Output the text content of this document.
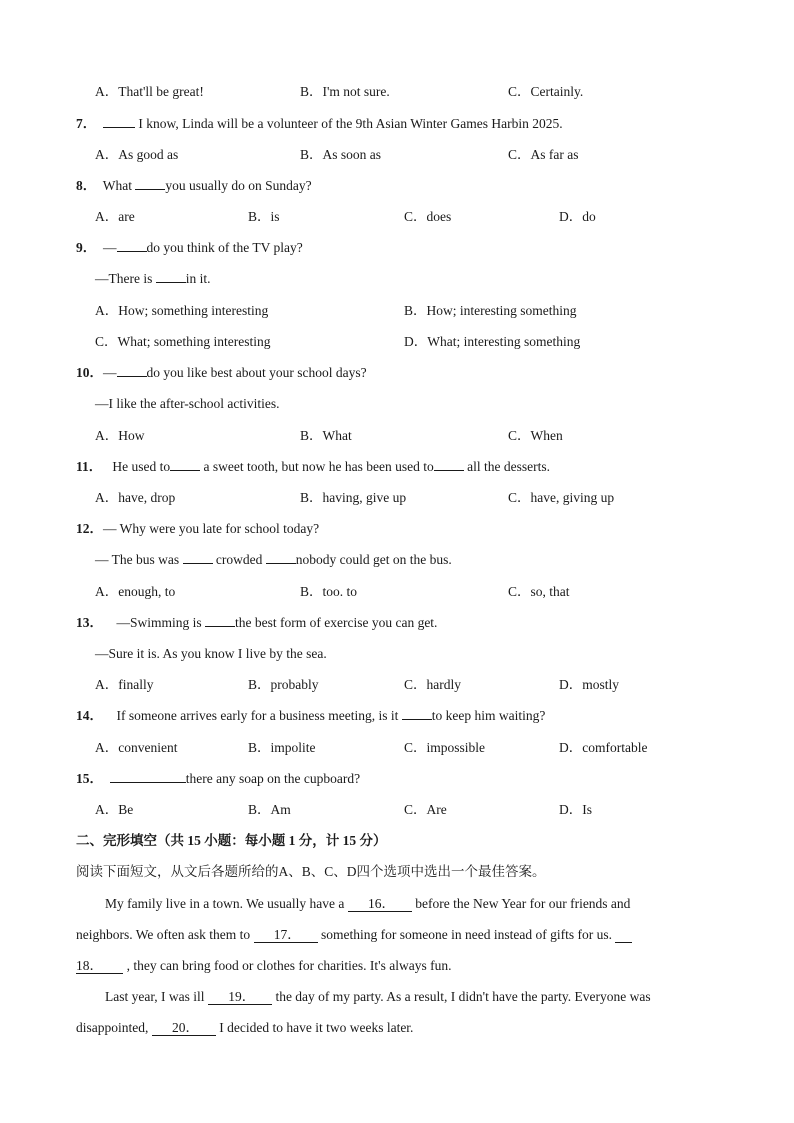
A．That'll be great!	B．I'm not sure.	C．Certainly.
7．	I know, Linda will be a volunteer of the 9th Asian Winter Games Harbin 2025.
A．As good as	B．As soon as	C．As far as
8． What you usually do on Sunday?
A．are	B．is	C．does	D．do
9． — do you think of the TV play?
—There is in it.
A．How; something interesting	B．How; interesting something
C．What; something interesting	D．What; interesting something
10．— do you like best about your school days?
—I like the after-school activities.
A．How	B．What	C．When
11． He used to a sweet tooth, but now he has been used to all the desserts.
A．have, drop	B．having, give up	C．have, giving up
12．— Why were you late for school today?
— The bus was  crowded nobody could get on the bus.
A．enough, to	B．too. to	C．so, that
13． —Swimming is the best form of exercise you can get.
—Sure it is. As you know I live by the sea.
A．finally	B．probably	C．hardly	D．mostly
14． If someone arrives early for a business meeting, is it to keep him waiting?
A．convenient	B．impolite	C．impossible	D．comfortable
15．	there any soap on the cupboard?
A．Be	B．Am	C．Are	D．Is
二、完形填空（共 15 小题：每小题 1 分，计 15 分）
阅读下面短文，从文后各题所给的A、B、C、D四个选项中选出一个最佳答案。
My family live in a town. We usually have a       16．      before the New Year for our friends and
neighbors. We often ask them to       17．      something for someone in need instead of gifts for us.
18．       , they can bring food or clothes for charities. It's always fun.
Last year, I was ill       19．      the day of my party. As a result, I didn't have the party. Everyone was
disappointed,       20．      I decided to have it two weeks later.
